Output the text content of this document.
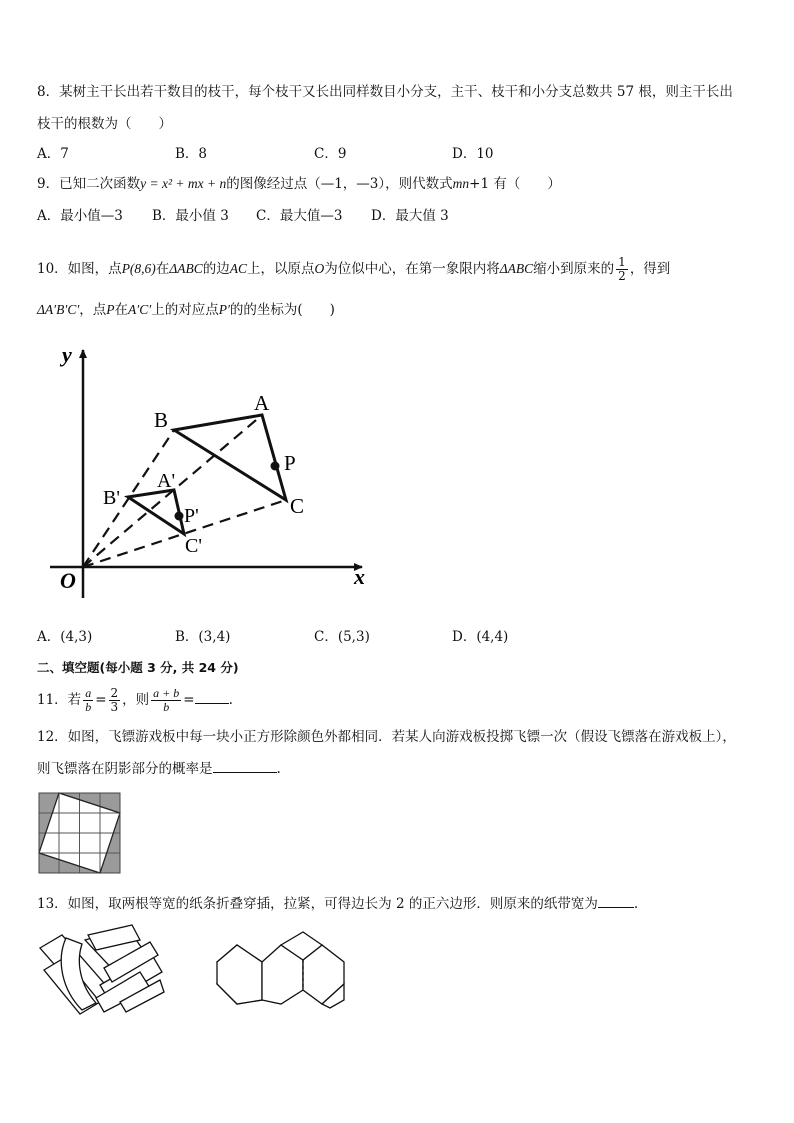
8．某树主干长出若干数目的枝干，每个枝干又长出同样数目小分支，主干、枝干和小分支总数共 57 根，则主干长出
枝干的根数为（　　）
A．7	B．8	C．9	D．10
9．已知二次函数y = x² + mx + n的图像经过点（—1，—3），则代数式mn+1 有（　　）
A．最小值—3 B．最小值 3 C．最大值—3 D．最大值 3
10．如图，点P(8,6)在ΔABC的边AC上，以原点O为位似中心，在第一象限内将ΔABC缩小到原来的 $\frac{1}{2}$ ，得到
ΔA′B′C′，点P在A′C′上的对应点P′的的坐标为(　　)
y
x
O
A
B
C
P
A'
B'
C'
P'
A．(4,3)	B．(3,4)	C．(5,3)	D．(4,4)
二、填空题(每小题 3 分, 共 24 分)
11．若 $\frac{a}{b} = \frac{2}{3}$ ，则 $\frac{a + b}{b}$ =	.
12．如图，飞镖游戏板中每一块小正方形除颜色外都相同．若某人向游戏板投掷飞镖一次（假设飞镖落在游戏板上），
则飞镖落在阴影部分的概率是	.
13．如图，取两根等宽的纸条折叠穿插，拉紧，可得边长为 2 的正六边形．则原来的纸带宽为	.
